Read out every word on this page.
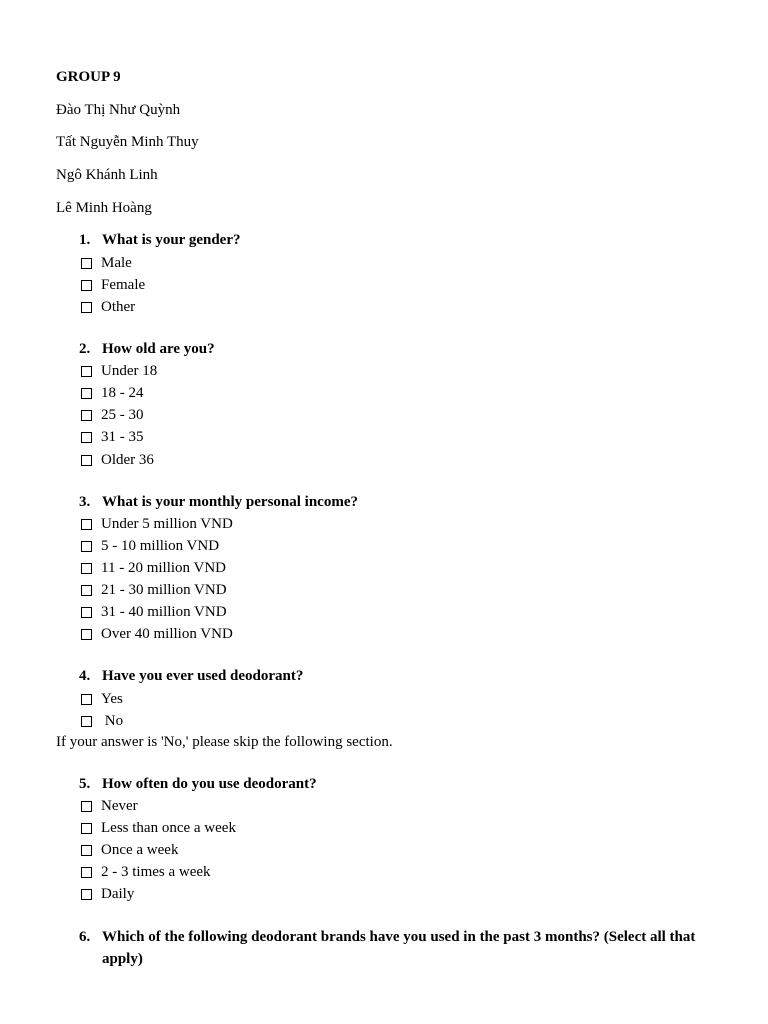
GROUP 9
Đào Thị Như Quỳnh
Tất Nguyễn Minh Thuy
Ngô Khánh Linh
Lê Minh Hoàng
1. What is your gender?
Male
Female
Other
2. How old are you?
Under 18
18 - 24
25 - 30
31 - 35
Older 36
3. What is your monthly personal income?
Under 5 million VND
5 - 10 million VND
11 - 20 million VND
21 - 30 million VND
31 - 40 million VND
Over 40 million VND
4. Have you ever used deodorant?
Yes
No
If your answer is 'No,' please skip the following section.
5. How often do you use deodorant?
Never
Less than once a week
Once a week
2 - 3 times a week
Daily
6. Which of the following deodorant brands have you used in the past 3 months? (Select all that apply)
